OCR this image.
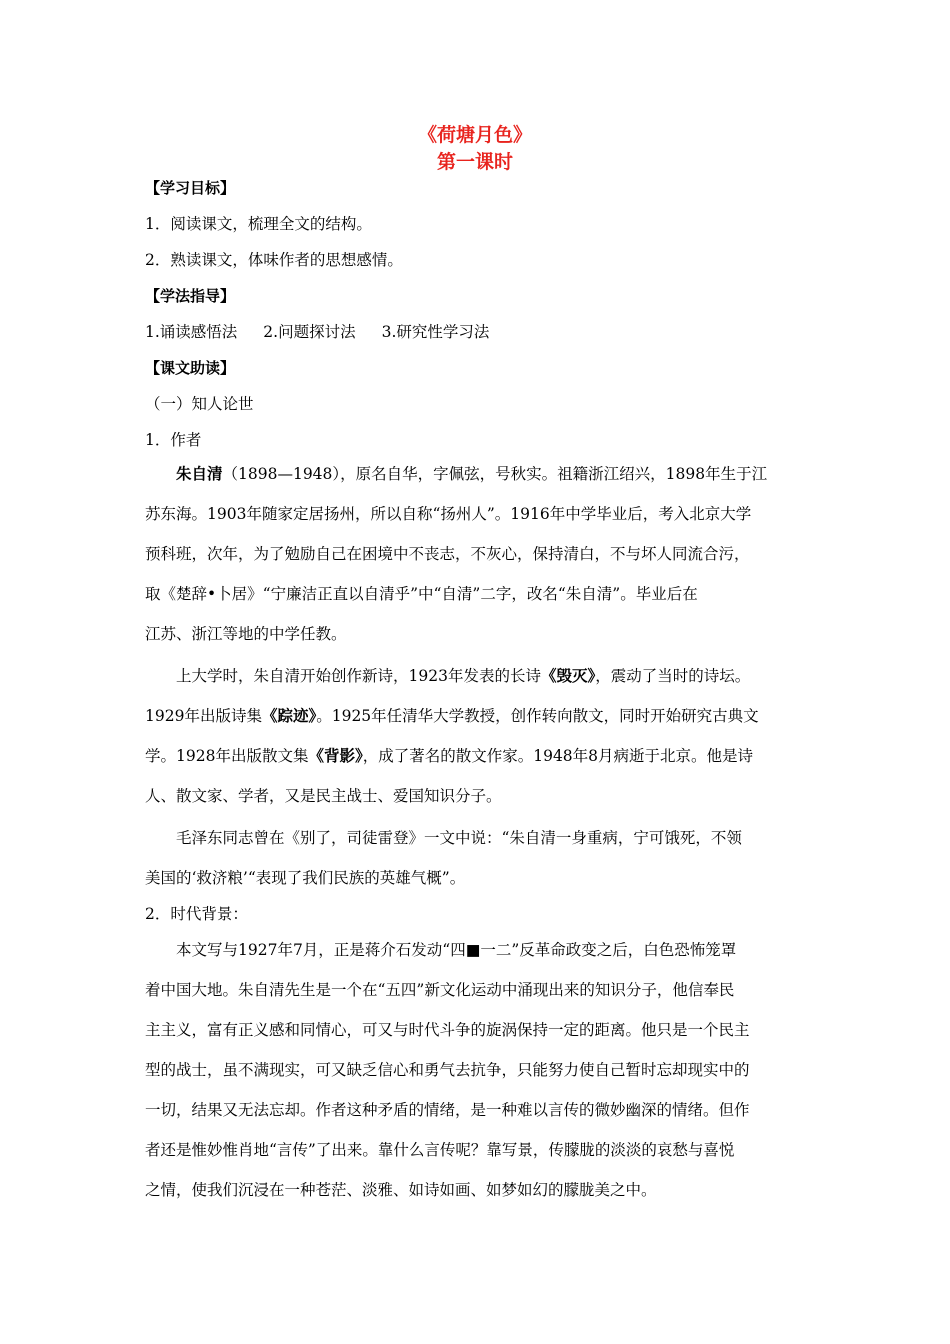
《荷塘月色》
第一课时
【学习目标】
1．阅读课文，梳理全文的结构。
2．熟读课文，体味作者的思想感情。
【学法指导】
1.诵读感悟法 2.问题探讨法 3.研究性学习法
【课文助读】
（一）知人论世
1．作者
朱自清（1898—1948），原名自华，字佩弦，号秋实。祖籍浙江绍兴，1898年生于江
苏东海。1903年随家定居扬州，所以自称“扬州人”。1916年中学毕业后，考入北京大学
预科班，次年，为了勉励自己在困境中不丧志，不灰心，保持清白，不与坏人同流合污，
取《楚辞•卜居》“宁廉洁正直以自清乎”中“自清”二字，改名“朱自清”。毕业后在
江苏、浙江等地的中学任教。
上大学时，朱自清开始创作新诗，1923年发表的长诗《毁灭》，震动了当时的诗坛。
1929年出版诗集《踪迹》。1925年任清华大学教授，创作转向散文，同时开始研究古典文
学。1928年出版散文集《背影》，成了著名的散文作家。1948年8月病逝于北京。他是诗
人、散文家、学者，又是民主战士、爱国知识分子。
毛泽东同志曾在《别了，司徒雷登》一文中说：“朱自清一身重病，宁可饿死，不领
美国的‘救济粮’“表现了我们民族的英雄气概”。
2．时代背景：
本文写与1927年7月，正是蒋介石发动“四■一二”反革命政变之后，白色恐怖笼罩
着中国大地。朱自清先生是一个在“五四”新文化运动中涌现出来的知识分子，他信奉民
主主义，富有正义感和同情心，可又与时代斗争的旋涡保持一定的距离。他只是一个民主
型的战士，虽不满现实，可又缺乏信心和勇气去抗争，只能努力使自己暂时忘却现实中的
一切，结果又无法忘却。作者这种矛盾的情绪，是一种难以言传的微妙幽深的情绪。但作
者还是惟妙惟肖地“言传”了出来。靠什么言传呢？靠写景，传朦胧的淡淡的哀愁与喜悦
之情，使我们沉浸在一种苍茫、淡雅、如诗如画、如梦如幻的朦胧美之中。
